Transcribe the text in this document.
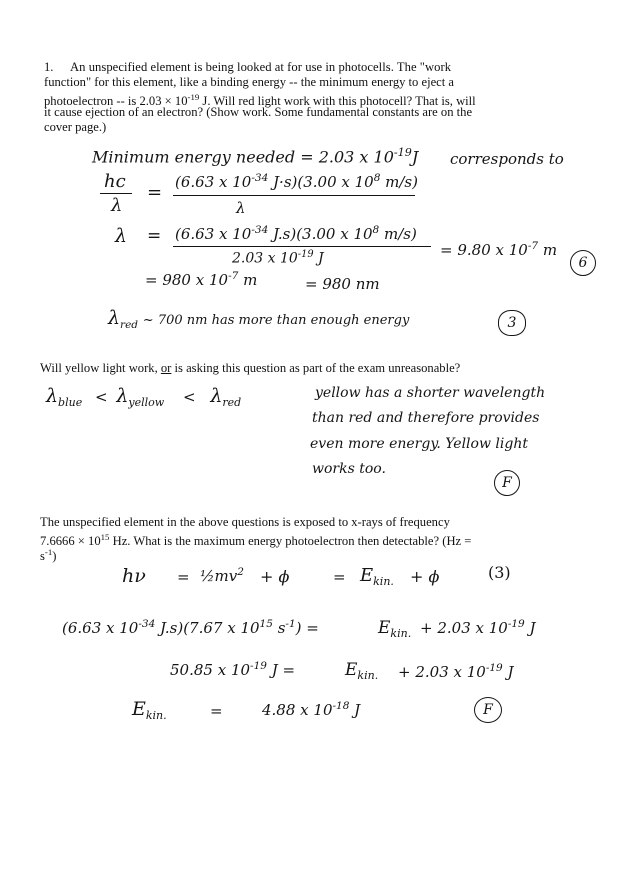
1. An unspecified element is being looked at for use in photocells. The "work
function" for this element, like a binding energy -- the minimum energy to eject a
photoelectron -- is $2.03 \times 10^{-19}$ J. Will red light work with this photocell? That is, will
it cause ejection of an electron? (Show work. Some fundamental constants are on the
cover page.)
Minimum energy needed = 2.03 x $10^{-19}J$ corresponds to
hc
λ
= (6.63 x $10^{-34}$ J·s)(3.00 x $10^8$ m/s)
λ
λ = (6.63 x $10^{-34}$ J.s)(3.00 x $10^8$ m/s)
2.03 x $10^{-19}$ J	= 9.80 x $10^{-7}$ m
6
= 980 x $10^{-7}$ m	= 980 nm
$\lambda_{red}$ ~ 700 nm has more than enough energy	3
Will yellow light work, or is asking this question as part of the exam unreasonable?
$\lambda_{blue} < \lambda_{yellow} < \lambda_{red}$
yellow has a shorter wavelength
than red and therefore provides
even more energy. Yellow light
works too.
F
The unspecified element in the above questions is exposed to x-rays of frequency
$7.6666 \times 10^{15}$ Hz. What is the maximum energy photoelectron then detectable? (Hz =
$s^{-1}$)
$h\nu = \frac{1}{2}mv^2 + \phi$	= $E_{kin.} + \phi$	(3)
(6.63 x $10^{-34}$ J.s)(7.67 x $10^{15}$ $s^{-1}$) =	$E_{kin.} + 2.03$ x $10^{-19}$ J
50.85 x $10^{-19}$ J =	$E_{kin.} + 2.03$ x $10^{-19}$ J
$E_{kin.}$	=	4.88 x $10^{-18}$ J	F
